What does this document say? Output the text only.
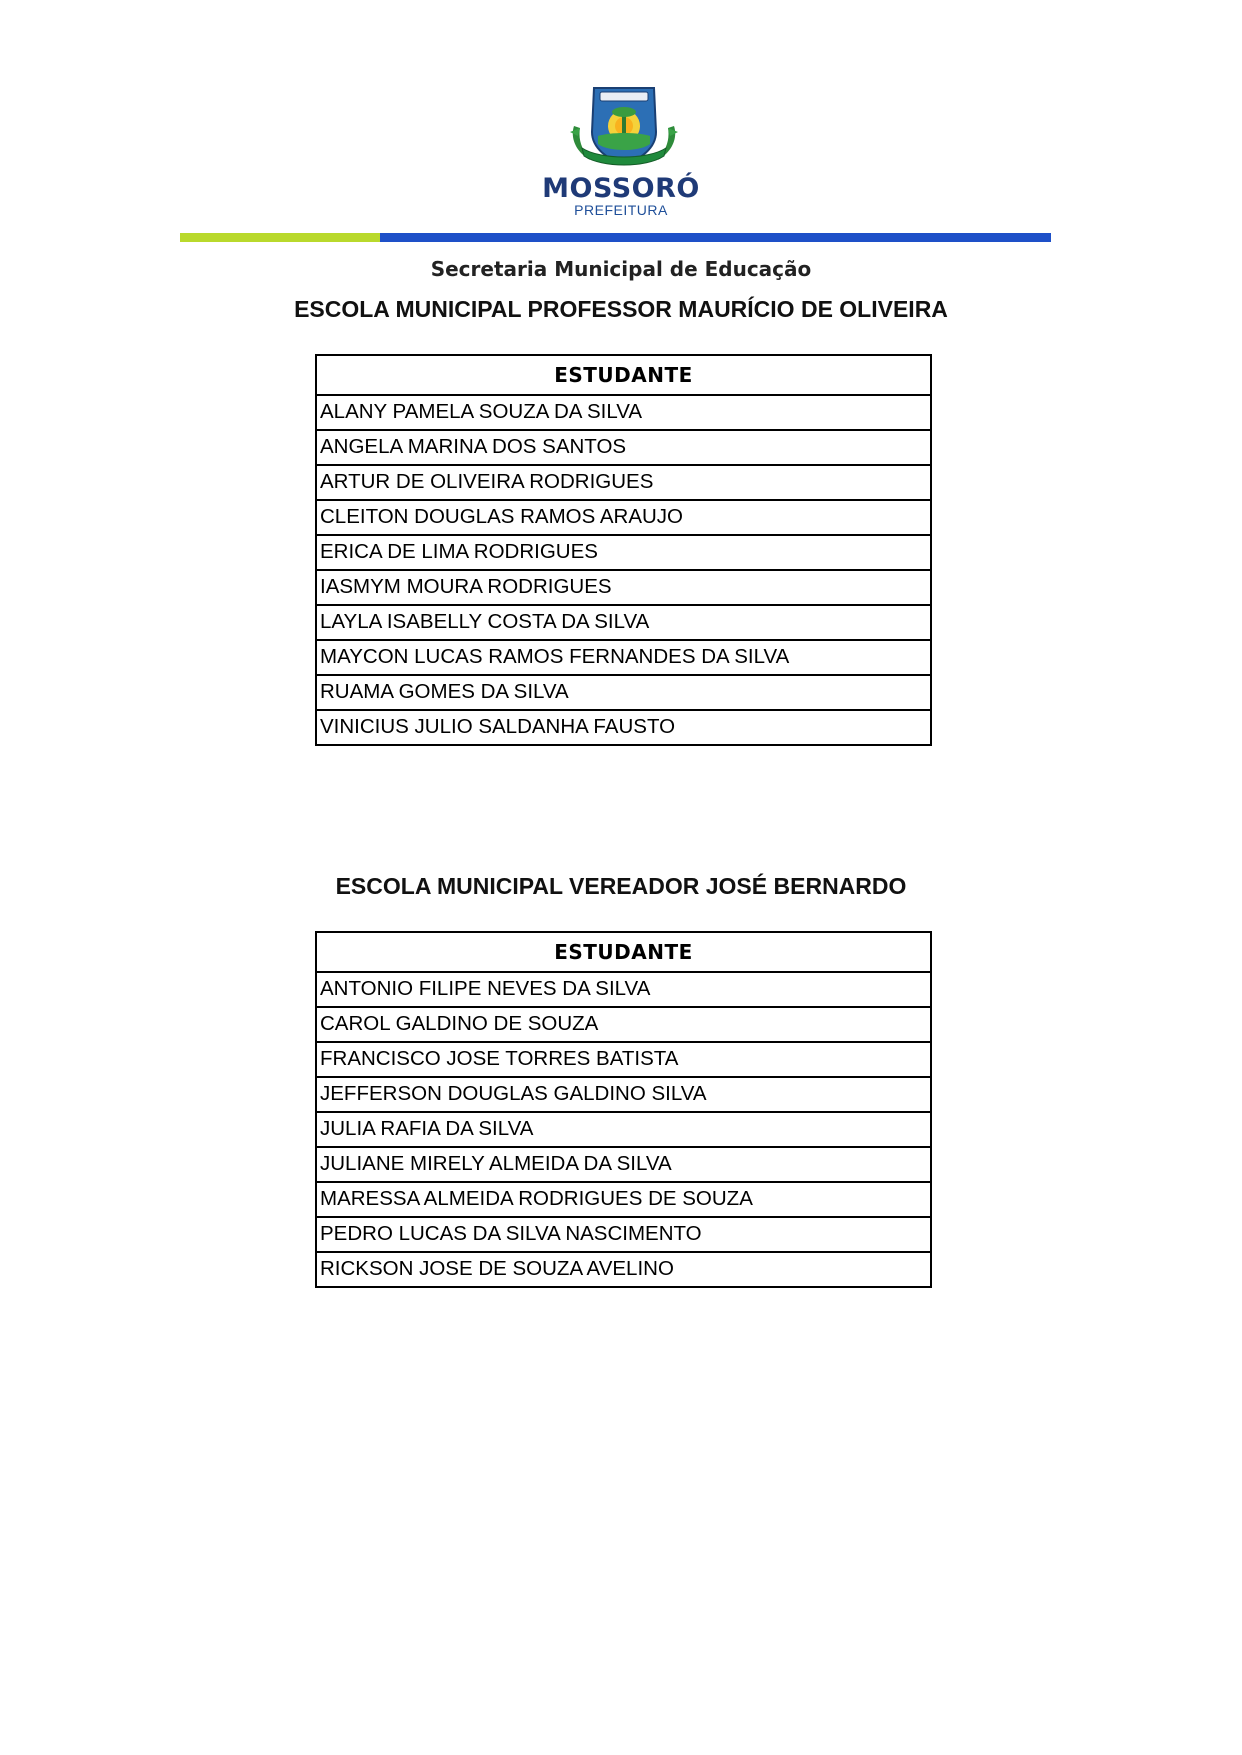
MOSSORÓ
PREFEITURA
Secretaria Municipal de Educação
ESCOLA MUNICIPAL PROFESSOR MAURÍCIO DE OLIVEIRA
ESTUDANTE
ALANY PAMELA SOUZA DA SILVA
ANGELA MARINA DOS SANTOS
ARTUR DE OLIVEIRA RODRIGUES
CLEITON DOUGLAS RAMOS ARAUJO
ERICA DE LIMA RODRIGUES
IASMYM MOURA RODRIGUES
LAYLA ISABELLY COSTA DA SILVA
MAYCON LUCAS RAMOS FERNANDES DA SILVA
RUAMA GOMES DA SILVA
VINICIUS JULIO SALDANHA FAUSTO
ESCOLA MUNICIPAL VEREADOR JOSÉ BERNARDO
ESTUDANTE
ANTONIO FILIPE NEVES DA SILVA
CAROL GALDINO DE SOUZA
FRANCISCO JOSE TORRES BATISTA
JEFFERSON DOUGLAS GALDINO SILVA
JULIA RAFIA DA SILVA
JULIANE MIRELY ALMEIDA DA SILVA
MARESSA ALMEIDA RODRIGUES DE SOUZA
PEDRO LUCAS DA SILVA NASCIMENTO
RICKSON JOSE DE SOUZA AVELINO
